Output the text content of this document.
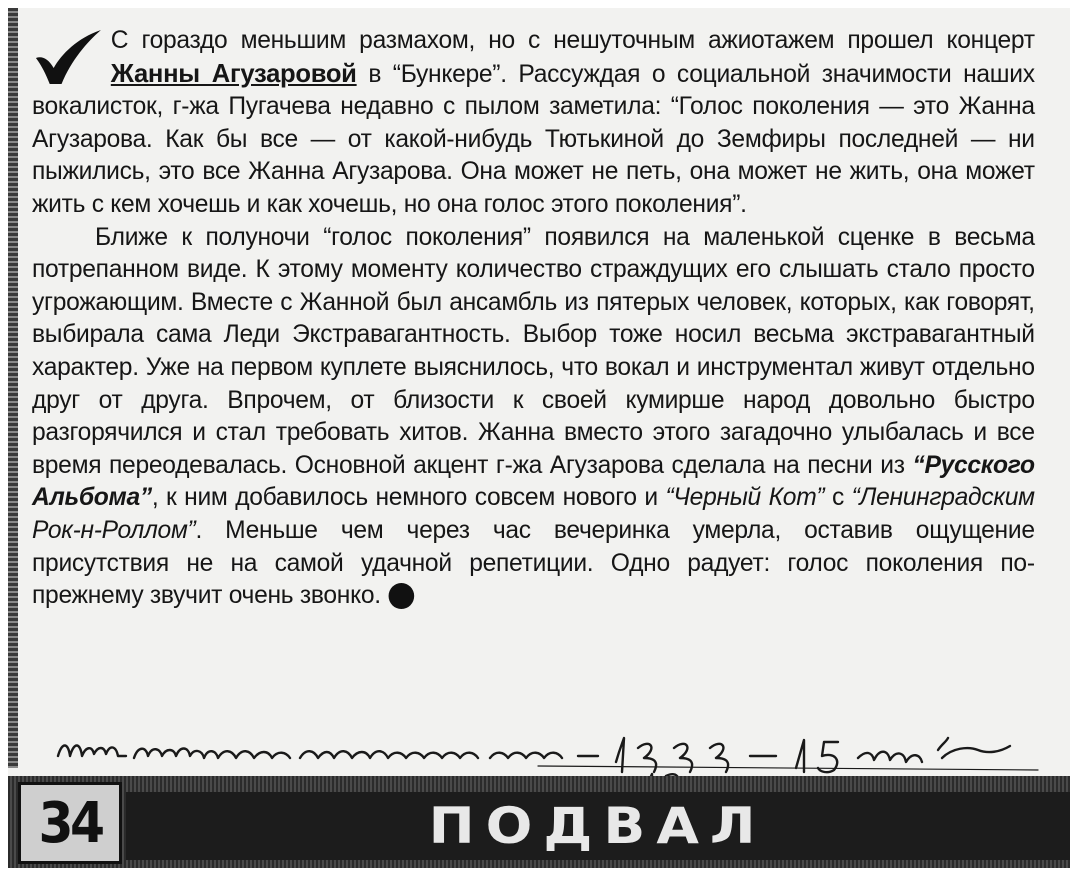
С гораздо меньшим размахом, но с нешуточным ажиотажем прошел концерт Жанны Агузаровой в “Бункере”. Рассуждая о социальной значимости наших вокалисток, г-жа Пугачева недавно с пылом заметила: “Голос поколения — это Жанна Агузарова. Как бы все — от какой-нибудь Тютькиной до Земфиры последней — ни пыжились, это все Жанна Агузарова. Она может не петь, она может не жить, она может жить с кем хочешь и как хочешь, но она голос этого поколения”.

Ближе к полуночи “голос поколения” появился на маленькой сценке в весьма потрепанном виде. К этому моменту количество страждущих его слышать стало просто угрожающим. Вместе с Жанной был ансамбль из пятерых человек, которых, как говорят, выбирала сама Леди Экстравагантность. Выбор тоже носил весьма экстравагантный характер. Уже на первом куплете выяснилось, что вокал и инструментал живут отдельно друг от друга. Впрочем, от близости к своей кумирше народ довольно быстро разгорячился и стал требовать хитов. Жанна вместо этого загадочно улыбалась и все время переодевалась. Основной акцент г-жа Агузарова сделала на песни из “Русского Альбома”, к ним добавилось немного совсем нового и “Черный Кот” с “Ленинградским Рок-н-Роллом”. Меньше чем через час вечеринка умерла, оставив ощущение присутствия не на самой удачной репетиции. Одно радует: голос поколения по-прежнему звучит очень звонко.

34	ПОДВАЛ
